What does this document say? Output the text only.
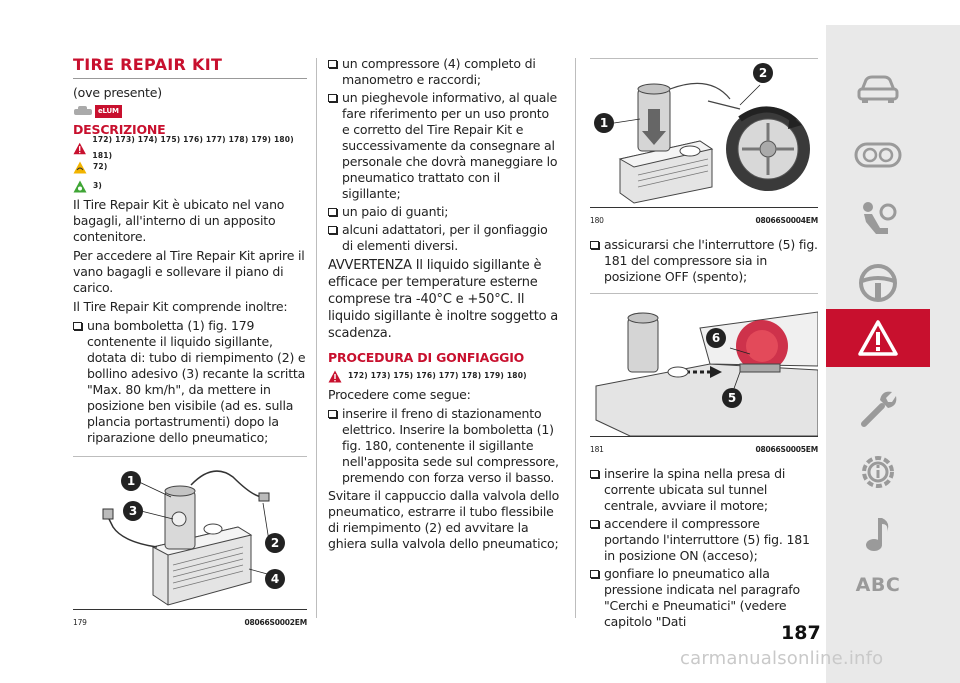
TIRE REPAIR KIT

(ove presente)

eLUM
DESCRIZIONE
172) 173) 174) 175) 176) 177) 178) 179) 180) 181)
72)
3)

Il Tire Repair Kit è ubicato nel vano bagagli, all'interno di un apposito contenitore.

Per accedere al Tire Repair Kit aprire il vano bagagli e sollevare il piano di carico.

Il Tire Repair Kit comprende inoltre:

una bomboletta (1) fig. 179 contenente il liquido sigillante, dotata di: tubo di riempimento (2) e bollino adesivo (3) recante la scritta "Max. 80 km/h", da mettere in posizione ben visibile (ad es. sulla plancia portastrumenti) dopo la riparazione dello pneumatico;
1
3
2
4
179	08066S0002EM
un compressore (4) completo di manometro e raccordi;
un pieghevole informativo, al quale fare riferimento per un uso pronto e corretto del Tire Repair Kit e successivamente da consegnare al personale che dovrà maneggiare lo pneumatico trattato con il sigillante;
un paio di guanti;
alcuni adattatori, per il gonfiaggio di elementi diversi.

AVVERTENZA Il liquido sigillante è efficace per temperature esterne comprese tra -40°C e +50°C. Il liquido sigillante è inoltre soggetto a scadenza.

PROCEDURA DI GONFIAGGIO
172) 173) 175) 176) 177) 178) 179) 180)

Procedere come segue:

inserire il freno di stazionamento elettrico. Inserire la bomboletta (1) fig. 180, contenente il sigillante nell'apposita sede sul compressore, premendo con forza verso il basso.

Svitare il cappuccio dalla valvola dello pneumatico, estrarre il tubo flessibile di riempimento (2) ed avvitare la ghiera sulla valvola dello pneumatico;

2
1
180	08066S0004EM
assicurarsi che l'interruttore (5) fig. 181 del compressore sia in posizione OFF (spento);
6
5
181	08066S0005EM
inserire la spina nella presa di corrente ubicata sul tunnel centrale, avviare il motore;
accendere il compressore portando l'interruttore (5) fig. 181 in posizione ON (acceso);
gonfiare lo pneumatico alla pressione indicata nel paragrafo "Cerchi e Pneumatici" (vedere capitolo "Dati
187
ABC
carmanualsonline.info
